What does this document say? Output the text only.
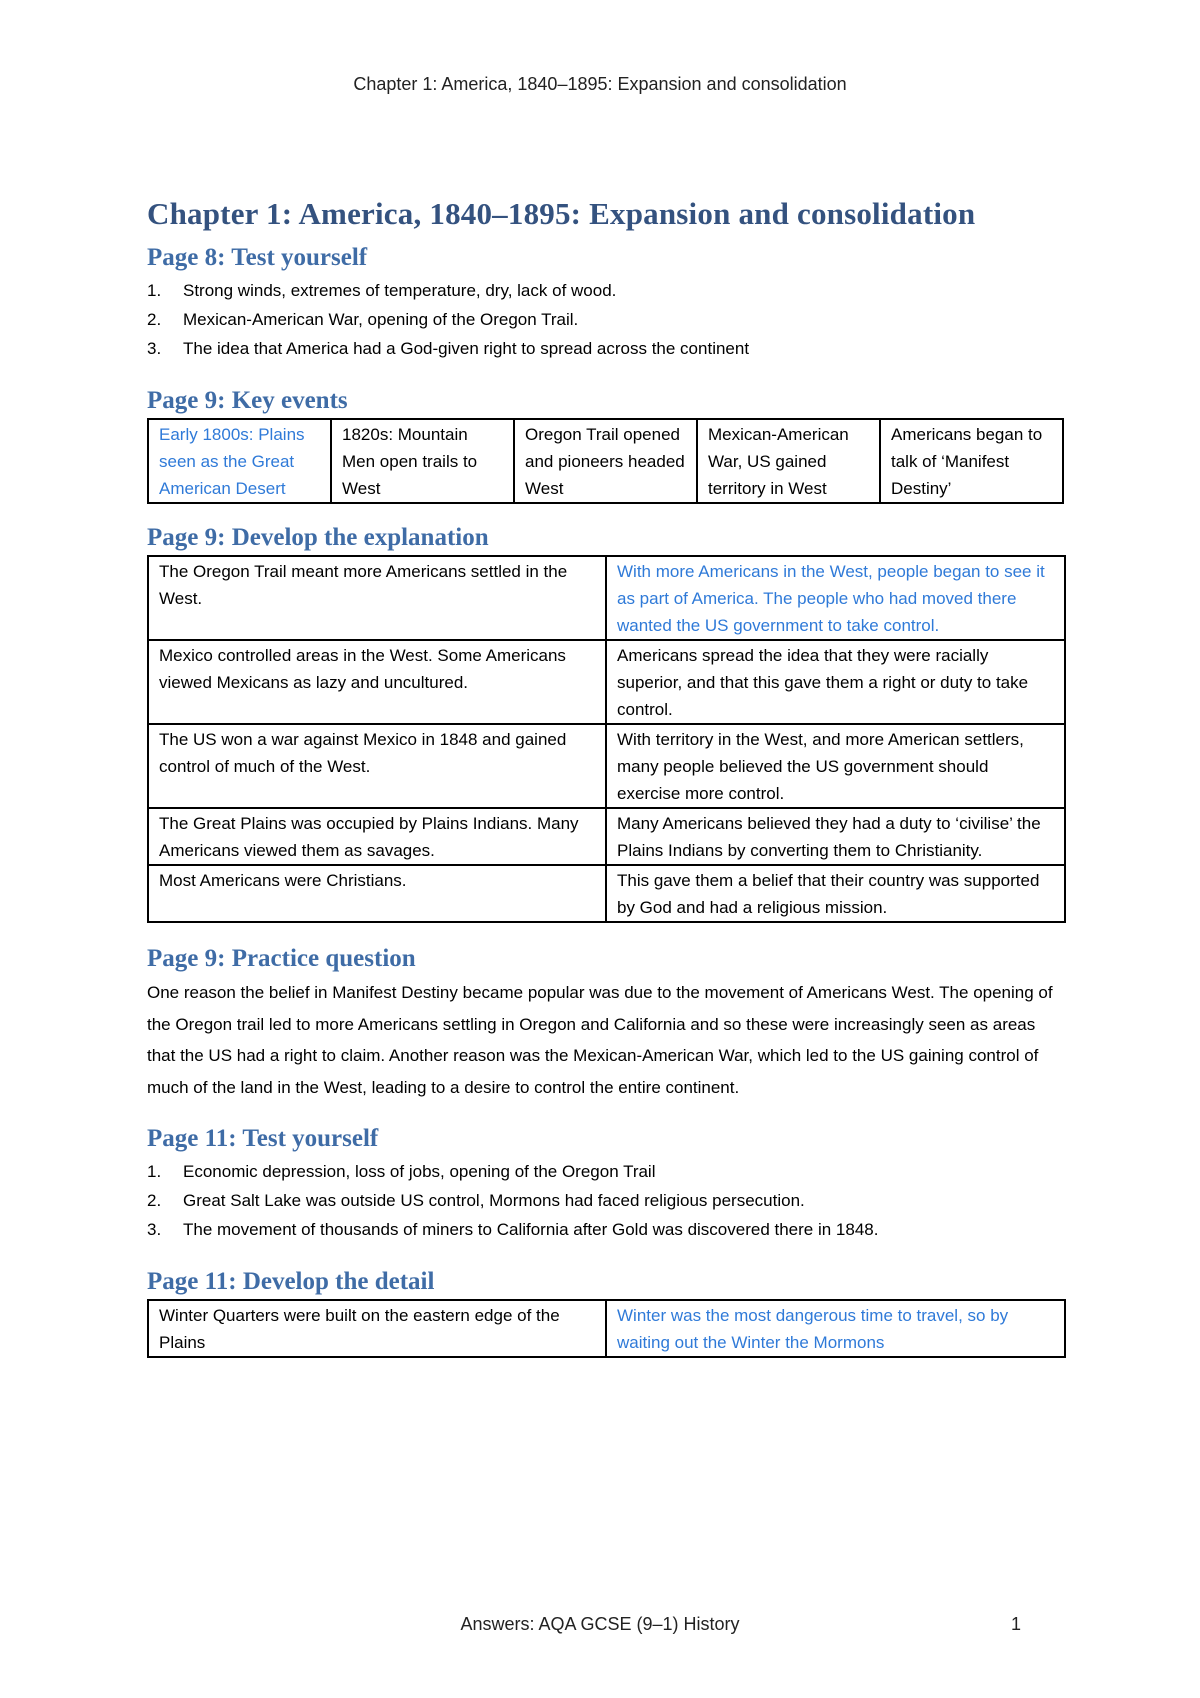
Chapter 1: America, 1840–1895: Expansion and consolidation
Chapter 1: America, 1840–1895: Expansion and consolidation
Page 8: Test yourself
1.	Strong winds, extremes of temperature, dry, lack of wood.
2.	Mexican-American War, opening of the Oregon Trail.
3.	The idea that America had a God-given right to spread across the continent
Page 9: Key events
Early 1800s: Plains seen as the Great American Desert	1820s: Mountain Men open trails to West	Oregon Trail opened and pioneers headed West	Mexican-American War, US gained territory in West	Americans began to talk of ‘Manifest Destiny’
Page 9: Develop the explanation
The Oregon Trail meant more Americans settled in the West.	With more Americans in the West, people began to see it as part of America. The people who had moved there wanted the US government to take control.
Mexico controlled areas in the West. Some Americans viewed Mexicans as lazy and uncultured.	Americans spread the idea that they were racially superior, and that this gave them a right or duty to take control.
The US won a war against Mexico in 1848 and gained control of much of the West.	With territory in the West, and more American settlers, many people believed the US government should exercise more control.
The Great Plains was occupied by Plains Indians. Many Americans viewed them as savages.	Many Americans believed they had a duty to ‘civilise’ the Plains Indians by converting them to Christianity.
Most Americans were Christians.	This gave them a belief that their country was supported by God and had a religious mission.
Page 9: Practice question

One reason the belief in Manifest Destiny became popular was due to the movement of Americans West. The opening of the Oregon trail led to more Americans settling in Oregon and California and so these were increasingly seen as areas that the US had a right to claim. Another reason was the Mexican-American War, which led to the US gaining control of much of the land in the West, leading to a desire to control the entire continent.

Page 11: Test yourself
1.	Economic depression, loss of jobs, opening of the Oregon Trail
2.	Great Salt Lake was outside US control, Mormons had faced religious persecution.
3.	The movement of thousands of miners to California after Gold was discovered there in 1848.
Page 11: Develop the detail
Winter Quarters were built on the eastern edge of the Plains	Winter was the most dangerous time to travel, so by waiting out the Winter the Mormons
Answers: AQA GCSE (9–1) History	1
